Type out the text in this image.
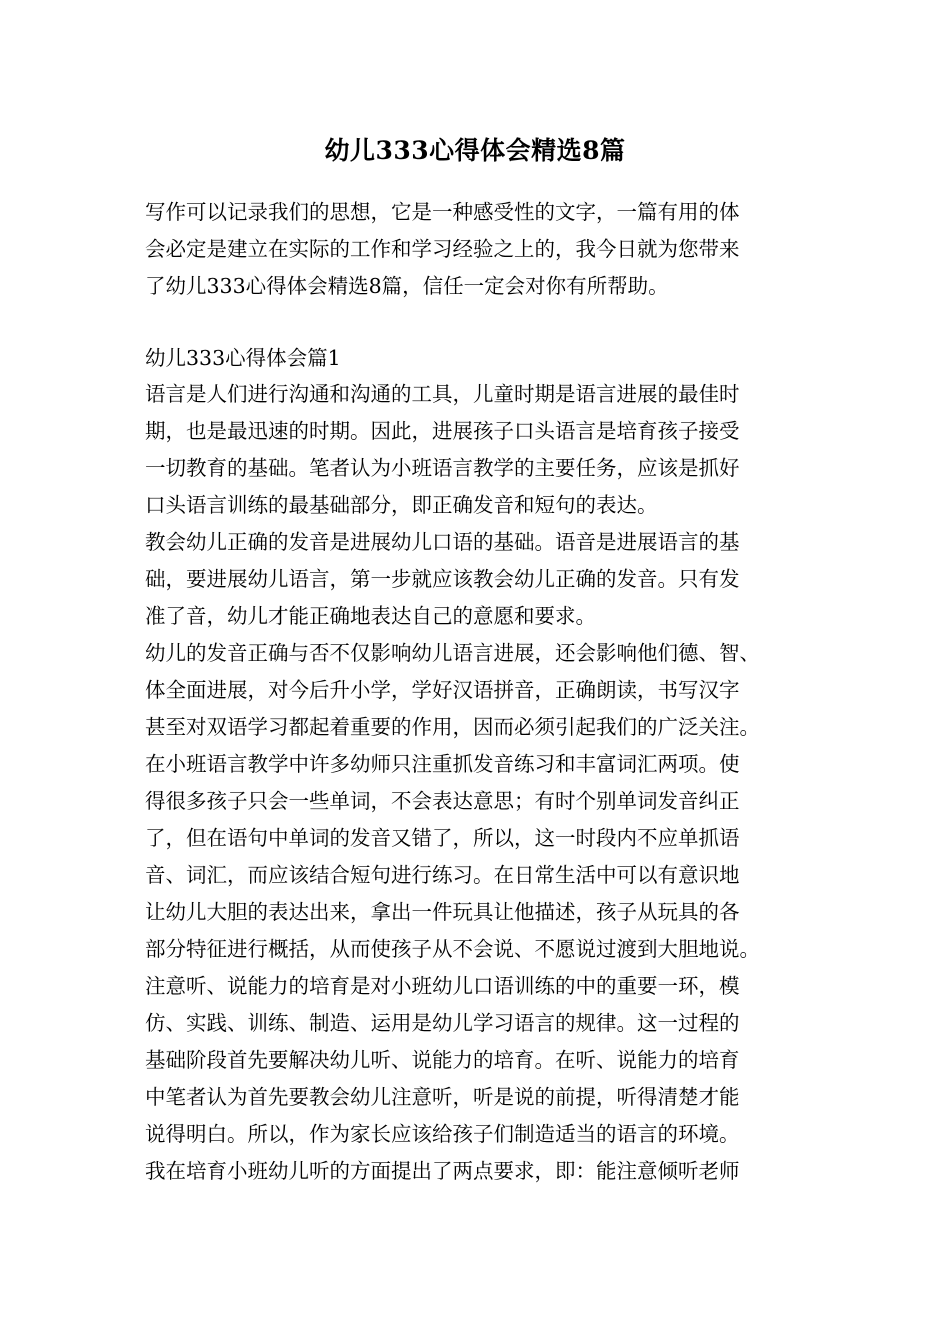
幼儿333心得体会精选8篇
写作可以记录我们的思想，它是一种感受性的文字，一篇有用的体
会必定是建立在实际的工作和学习经验之上的，我今日就为您带来
了幼儿333心得体会精选8篇，信任一定会对你有所帮助。
幼儿333心得体会篇1
语言是人们进行沟通和沟通的工具，儿童时期是语言进展的最佳时
期，也是最迅速的时期。因此，进展孩子口头语言是培育孩子接受
一切教育的基础。笔者认为小班语言教学的主要任务，应该是抓好
口头语言训练的最基础部分，即正确发音和短句的表达。
教会幼儿正确的发音是进展幼儿口语的基础。语音是进展语言的基
础，要进展幼儿语言，第一步就应该教会幼儿正确的发音。只有发
准了音，幼儿才能正确地表达自己的意愿和要求。
幼儿的发音正确与否不仅影响幼儿语言进展，还会影响他们德、智、
体全面进展，对今后升小学，学好汉语拼音，正确朗读，书写汉字
甚至对双语学习都起着重要的作用，因而必须引起我们的广泛关注。
在小班语言教学中许多幼师只注重抓发音练习和丰富词汇两项。使
得很多孩子只会一些单词，不会表达意思；有时个别单词发音纠正
了，但在语句中单词的发音又错了，所以，这一时段内不应单抓语
音、词汇，而应该结合短句进行练习。在日常生活中可以有意识地
让幼儿大胆的表达出来，拿出一件玩具让他描述，孩子从玩具的各
部分特征进行概括，从而使孩子从不会说、不愿说过渡到大胆地说。
注意听、说能力的培育是对小班幼儿口语训练的中的重要一环，模
仿、实践、训练、制造、运用是幼儿学习语言的规律。这一过程的
基础阶段首先要解决幼儿听、说能力的培育。在听、说能力的培育
中笔者认为首先要教会幼儿注意听，听是说的前提，听得清楚才能
说得明白。所以，作为家长应该给孩子们制造适当的语言的环境。
我在培育小班幼儿听的方面提出了两点要求，即：能注意倾听老师
